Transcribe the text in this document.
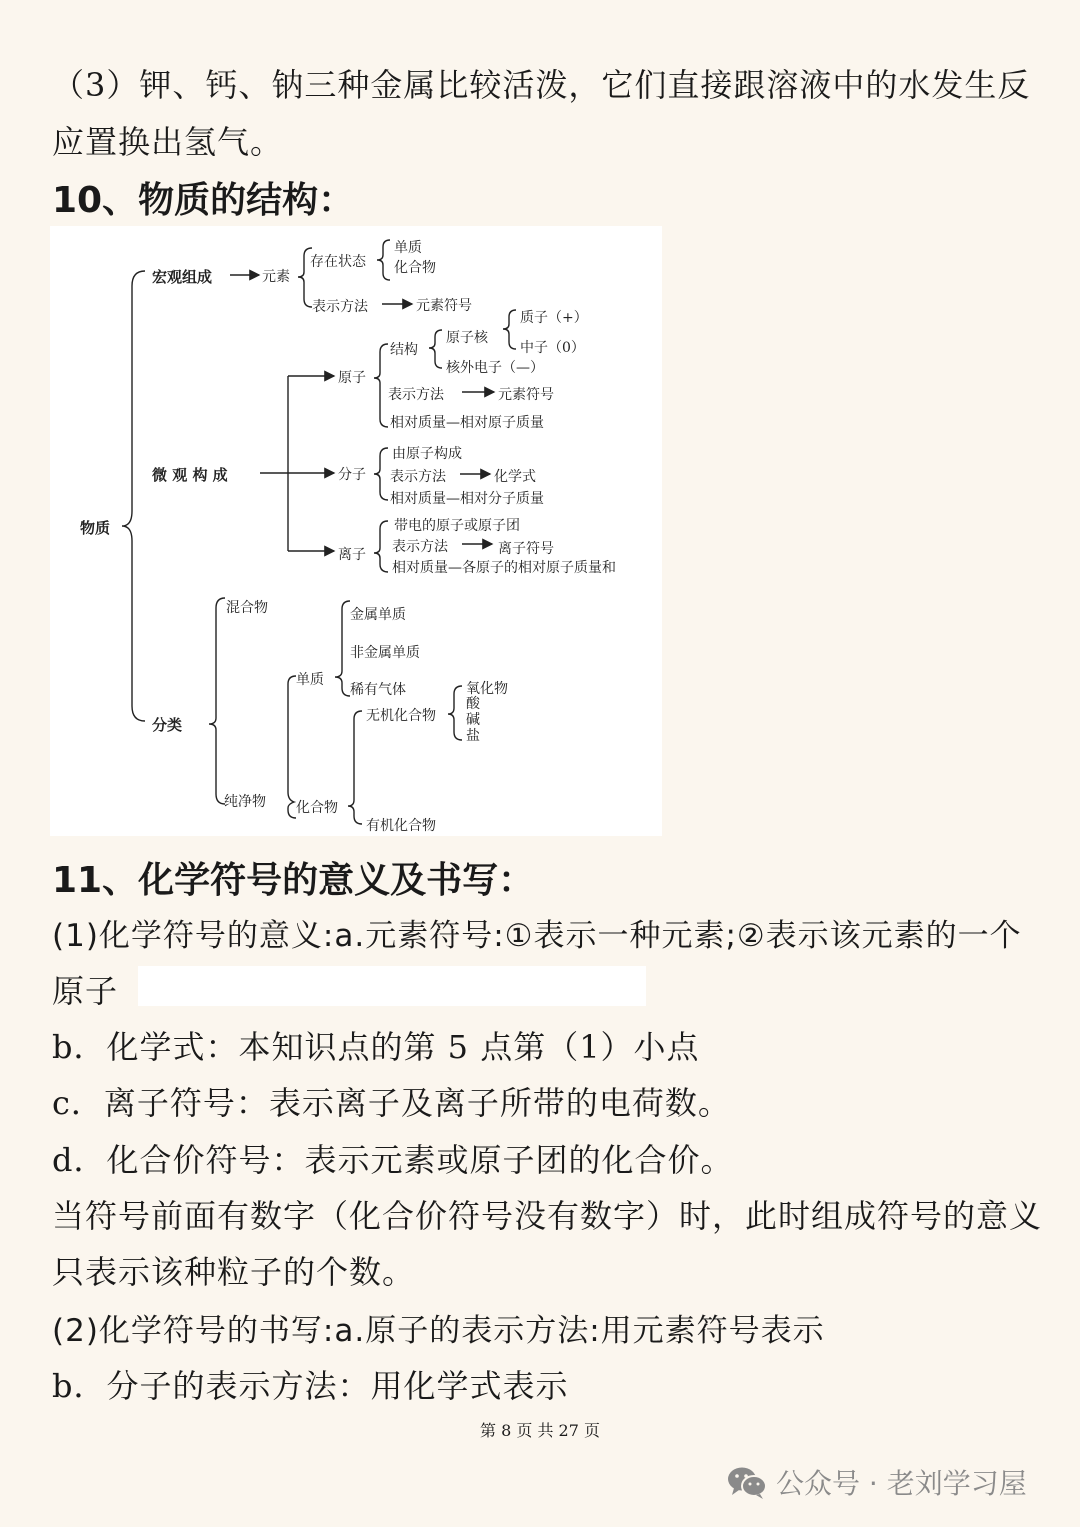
（3）钾、钙、钠三种金属比较活泼，它们直接跟溶液中的水发生反
应置换出氢气。
10、物质的结构：
物质
宏观组成	元素
存在状态
单质
化合物
表示方法	元素符号
微 观 构 成
原子
结构
原子核
质子（+）
中子（0）
核外电子（—）
表示方法	元素符号
相对质量—相对原子质量
分子
由原子构成
表示方法	化学式
相对质量—相对分子质量
离子
带电的原子或原子团
表示方法	离子符号
相对质量—各原子的相对原子质量和
分类
混合物
纯净物
单质
金属单质
非金属单质
稀有气体
化合物
无机化合物
氧化物
酸
碱
盐
有机化合物
11、化学符号的意义及书写：
(1)化学符号的意义:a.元素符号:①表示一种元素;②表示该元素的一个
原子
b．化学式：本知识点的第 5 点第（1）小点
c．离子符号：表示离子及离子所带的电荷数。
d．化合价符号：表示元素或原子团的化合价。
当符号前面有数字（化合价符号没有数字）时，此时组成符号的意义
只表示该种粒子的个数。
(2)化学符号的书写:a.原子的表示方法:用元素符号表示
b．分子的表示方法：用化学式表示
第 8 页 共 27 页
公众号 · 老刘学习屋
